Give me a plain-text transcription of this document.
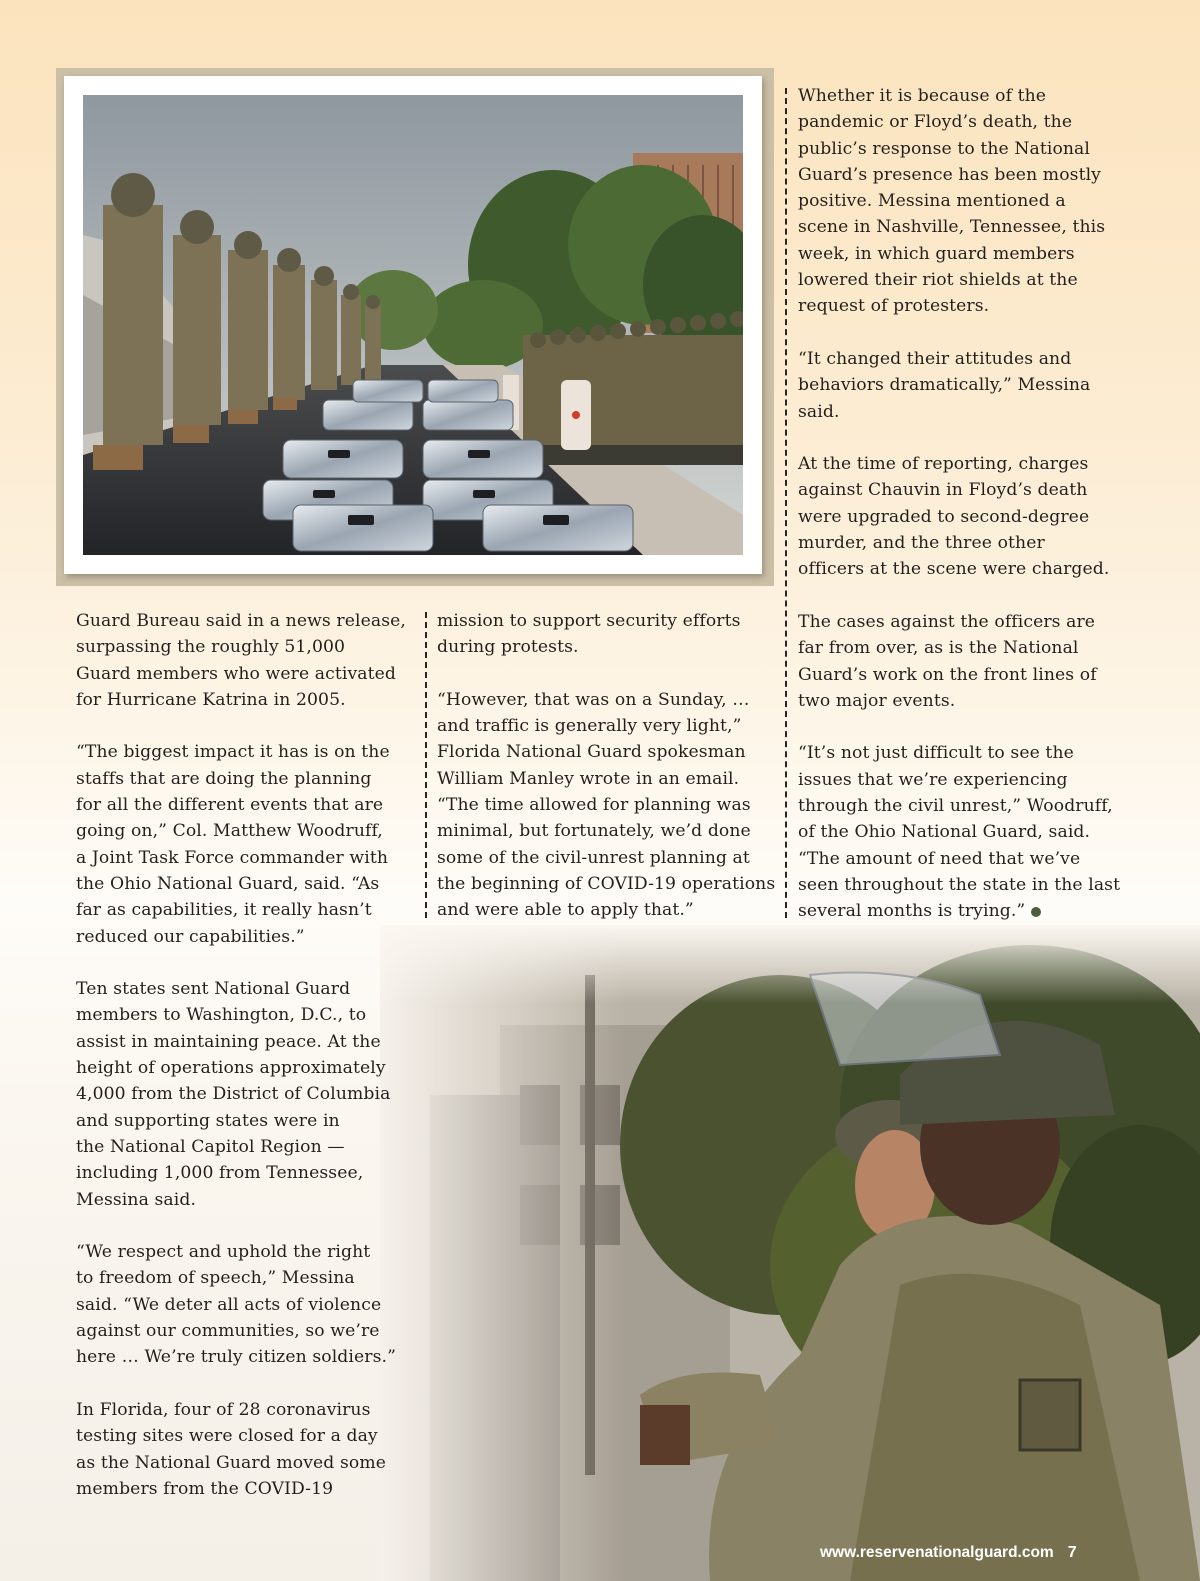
Guard Bureau said in a news release,
surpassing the roughly 51,000
Guard members who were activated
for Hurricane Katrina in 2005.

“The biggest impact it has is on the
staffs that are doing the planning
for all the different events that are
going on,” Col. Matthew Woodruff,
a Joint Task Force commander with
the Ohio National Guard, said. “As
far as capabilities, it really hasn’t
reduced our capabilities.”

Ten states sent National Guard
members to Washington, D.C., to
assist in maintaining peace. At the
height of operations approximately
4,000 from the District of Columbia
and supporting states were in
the National Capitol Region —
including 1,000 from Tennessee,
Messina said.

“We respect and uphold the right
to freedom of speech,” Messina
said. “We deter all acts of violence
against our communities, so we’re
here … We’re truly citizen soldiers.”

In Florida, four of 28 coronavirus
testing sites were closed for a day
as the National Guard moved some
members from the COVID-19

mission to support security efforts
during protests.

“However, that was on a Sunday, …
and traffic is generally very light,”
Florida National Guard spokesman
William Manley wrote in an email.
“The time allowed for planning was
minimal, but fortunately, we’d done
some of the civil-unrest planning at
the beginning of COVID-19 operations
and were able to apply that.”

Whether it is because of the
pandemic or Floyd’s death, the
public’s response to the National
Guard’s presence has been mostly
positive. Messina mentioned a
scene in Nashville, Tennessee, this
week, in which guard members
lowered their riot shields at the
request of protesters.

“It changed their attitudes and
behaviors dramatically,” Messina
said.

At the time of reporting, charges
against Chauvin in Floyd’s death
were upgraded to second-degree
murder, and the three other
officers at the scene were charged.

The cases against the officers are
far from over, as is the National
Guard’s work on the front lines of
two major events.

“It’s not just difficult to see the
issues that we’re experiencing
through the civil unrest,” Woodruff,
of the Ohio National Guard, said.
“The amount of need that we’ve
seen throughout the state in the last
several months is trying.”

www.reservenationalguard.com 7
